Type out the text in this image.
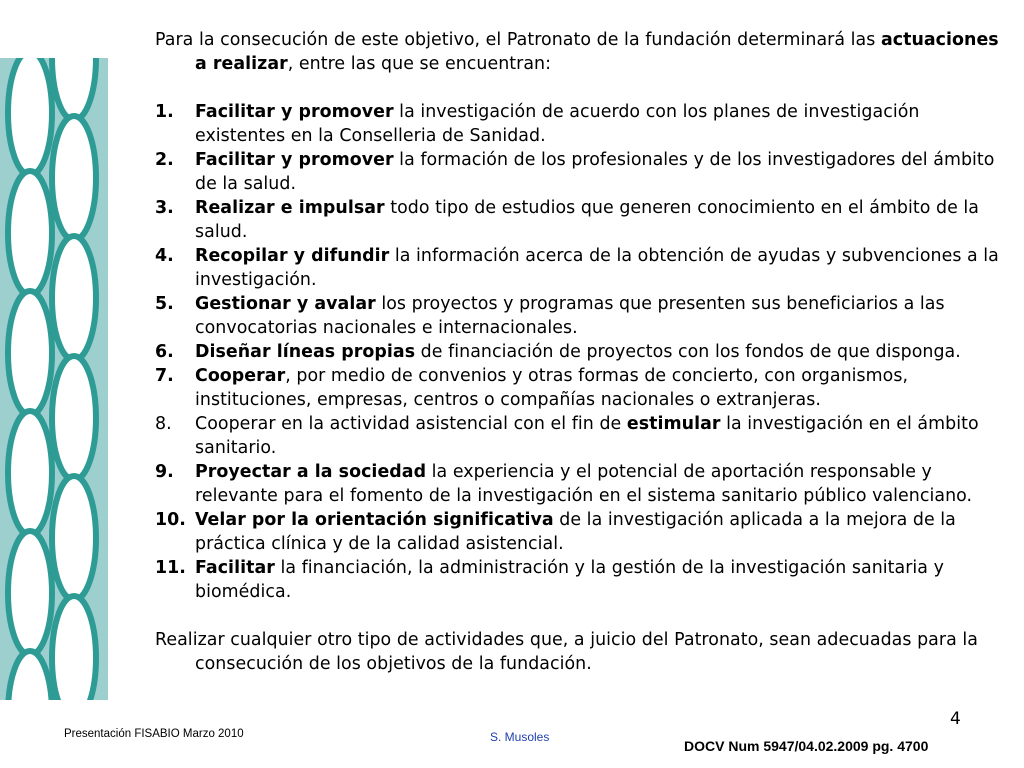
Para la consecución de este objetivo, el Patronato de la fundación determinará las actuaciones a realizar, entre las que se encuentran:

1. Facilitar y promover la investigación de acuerdo con los planes de investigación existentes en la Conselleria de Sanidad.
2. Facilitar y promover la formación de los profesionales y de los investigadores del ámbito de la salud.
3. Realizar e impulsar todo tipo de estudios que generen conocimiento en el ámbito de la salud.
4. Recopilar y difundir la información acerca de la obtención de ayudas y subvenciones a la investigación.
5. Gestionar y avalar los proyectos y programas que presenten sus beneficiarios a las convocatorias nacionales e internacionales.
6. Diseñar líneas propias de financiación de proyectos con los fondos de que disponga.
7. Cooperar, por medio de convenios y otras formas de concierto, con organismos, instituciones, empresas, centros o compañías nacionales o extranjeras.
8. Cooperar en la actividad asistencial con el fin de estimular la investigación en el ámbito sanitario.
9. Proyectar a la sociedad la experiencia y el potencial de aportación responsable y relevante para el fomento de la investigación en el sistema sanitario público valenciano.
10. Velar por la orientación significativa de la investigación aplicada a la mejora de la práctica clínica y de la calidad asistencial.
11. Facilitar la financiación, la administración y la gestión de la investigación sanitaria y biomédica.

Realizar cualquier otro tipo de actividades que, a juicio del Patronato, sean adecuadas para la consecución de los objetivos de la fundación.

Presentación FISABIO Marzo 2010	S. Musoles
4
DOCV Num 5947/04.02.2009 pg. 4700
